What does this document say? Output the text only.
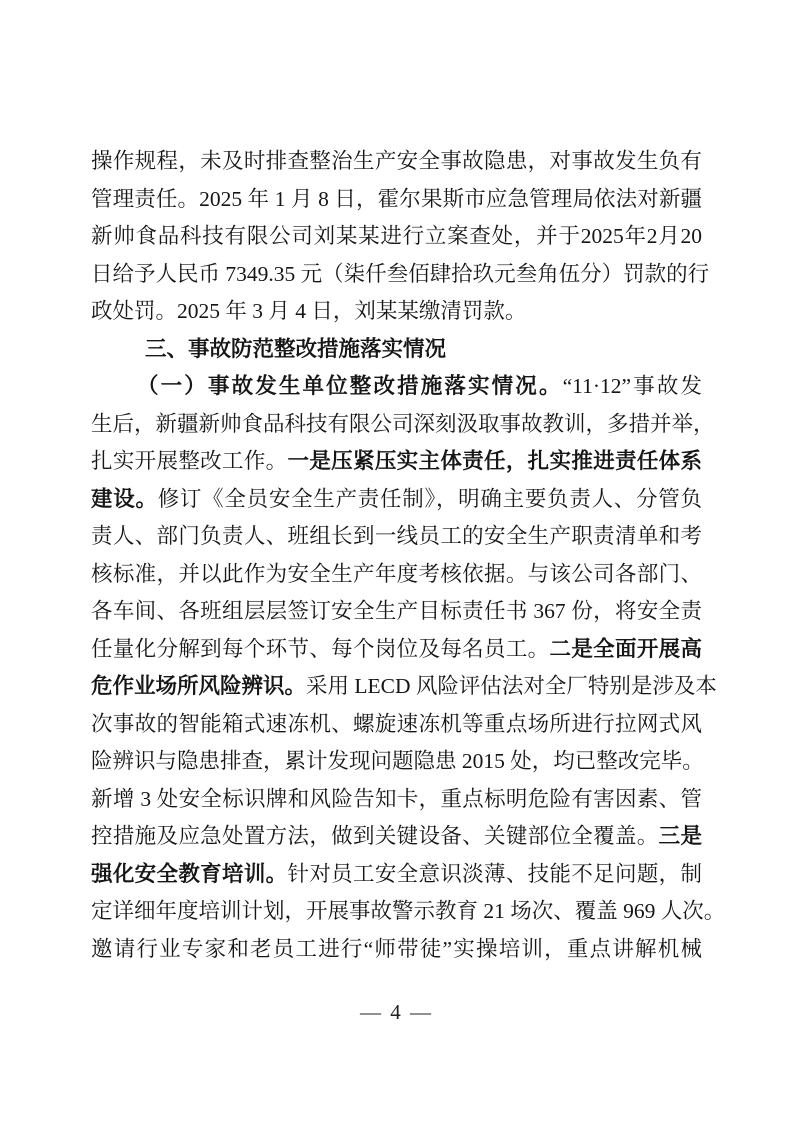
操作规程，未及时排查整治生产安全事故隐患，对事故发生负有
管理责任。2025 年 1 月 8 日，霍尔果斯市应急管理局依法对新疆
新帅食品科技有限公司刘某某进行立案查处，并于2025年2月20
日给予人民币 7349.35 元（柒仟叁佰肆拾玖元叁角伍分）罚款的行
政处罚。2025 年 3 月 4 日，刘某某缴清罚款。
三、事故防范整改措施落实情况
（一）事故发生单位整改措施落实情况。“11·12”事故发
生后，新疆新帅食品科技有限公司深刻汲取事故教训，多措并举，
扎实开展整改工作。一是压紧压实主体责任，扎实推进责任体系
建设。修订《全员安全生产责任制》，明确主要负责人、分管负
责人、部门负责人、班组长到一线员工的安全生产职责清单和考
核标准，并以此作为安全生产年度考核依据。与该公司各部门、
各车间、各班组层层签订安全生产目标责任书 367 份，将安全责
任量化分解到每个环节、每个岗位及每名员工。二是全面开展高
危作业场所风险辨识。采用 LECD 风险评估法对全厂特别是涉及本
次事故的智能箱式速冻机、螺旋速冻机等重点场所进行拉网式风
险辨识与隐患排查，累计发现问题隐患 2015 处，均已整改完毕。
新增 3 处安全标识牌和风险告知卡，重点标明危险有害因素、管
控措施及应急处置方法，做到关键设备、关键部位全覆盖。三是
强化安全教育培训。针对员工安全意识淡薄、技能不足问题，制
定详细年度培训计划，开展事故警示教育 21 场次、覆盖 969 人次。
邀请行业专家和老员工进行“师带徒”实操培训，重点讲解机械
— 4 —
